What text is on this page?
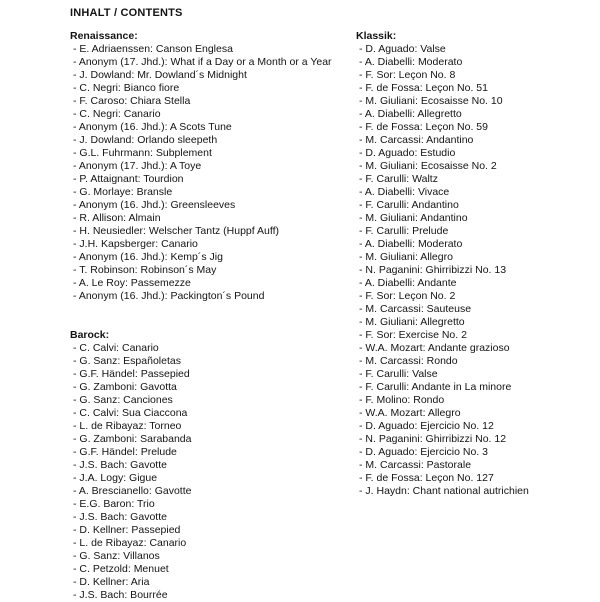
INHALT / CONTENTS
Renaissance:
- E. Adriaenssen: Canson Englesa
- Anonym (17. Jhd.): What if a Day or a Month or a Year
- J. Dowland: Mr. Dowland´s Midnight
- C. Negri: Bianco fiore
- F. Caroso: Chiara Stella
- C. Negri: Canario
- Anonym (16. Jhd.): A Scots Tune
- J. Dowland: Orlando sleepeth
- G.L. Fuhrmann: Subplement
- Anonym (17. Jhd.): A Toye
- P. Attaignant: Tourdion
- G. Morlaye: Bransle
- Anonym (16. Jhd.): Greensleeves
- R. Allison: Almain
- H. Neusiedler: Welscher Tantz (Huppf Auff)
- J.H. Kapsberger: Canario
- Anonym (16. Jhd.): Kemp´s Jig
- T. Robinson: Robinson´s May
- A. Le Roy: Passemezze
- Anonym (16. Jhd.): Packington´s Pound
Barock:
- C. Calvi: Canario
- G. Sanz: Españoletas
- G.F. Händel: Passepied
- G. Zamboni: Gavotta
- G. Sanz: Canciones
- C. Calvi: Sua Ciaccona
- L. de Ribayaz: Torneo
- G. Zamboni: Sarabanda
- G.F. Händel: Prelude
- J.S. Bach: Gavotte
- J.A. Logy: Gigue
- A. Brescianello: Gavotte
- E.G. Baron: Trio
- J.S. Bach: Gavotte
- D. Kellner: Passepied
- L. de Ribayaz: Canario
- G. Sanz: Villanos
- C. Petzold: Menuet
- D. Kellner: Aria
- J.S. Bach: Bourrée
Klassik:
- D. Aguado: Valse
- A. Diabelli: Moderato
- F. Sor: Leçon No. 8
- F. de Fossa: Leçon No. 51
- M. Giuliani: Ecosaisse No. 10
- A. Diabelli: Allegretto
- F. de Fossa: Leçon No. 59
- M. Carcassi: Andantino
- D. Aguado: Estudio
- M. Giuliani: Ecosaisse No. 2
- F. Carulli: Waltz
- A. Diabelli: Vivace
- F. Carulli: Andantino
- M. Giuliani: Andantino
- F. Carulli: Prelude
- A. Diabelli: Moderato
- M. Giuliani: Allegro
- N. Paganini: Ghirribizzi No. 13
- A. Diabelli: Andante
- F. Sor: Leçon No. 2
- M. Carcassi: Sauteuse
- M. Giuliani: Allegretto
- F. Sor: Exercise No. 2
- W.A. Mozart: Andante grazioso
- M. Carcassi: Rondo
- F. Carulli: Valse
- F. Carulli: Andante in La minore
- F. Molino: Rondo
- W.A. Mozart: Allegro
- D. Aguado: Ejercicio No. 12
- N. Paganini: Ghirribizzi No. 12
- D. Aguado: Ejercicio No. 3
- M. Carcassi: Pastorale
- F. de Fossa: Leçon No. 127
- J. Haydn: Chant national autrichien
